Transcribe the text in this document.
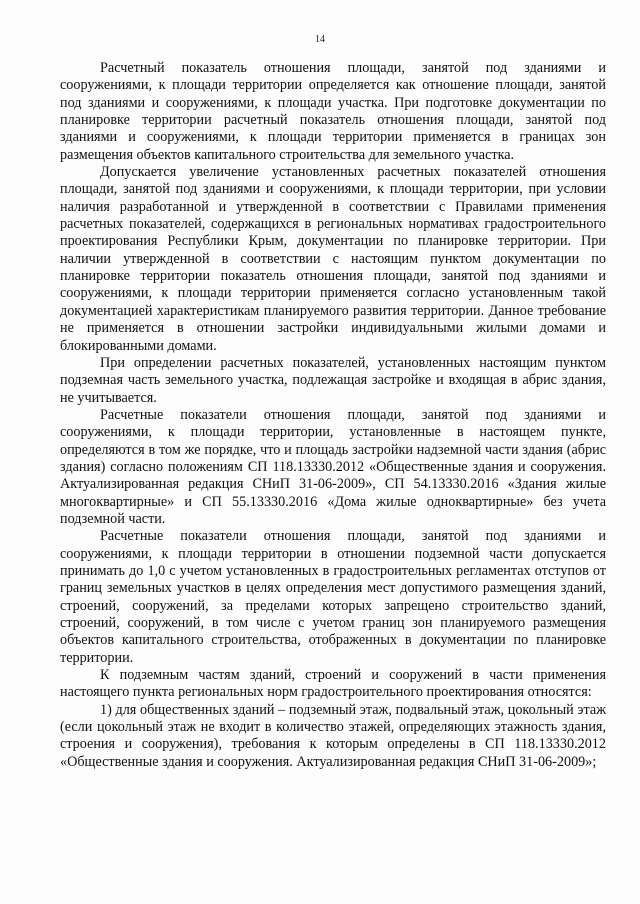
14

Расчетный показатель отношения площади, занятой под зданиями и сооружениями, к площади территории определяется как отношение площади, занятой под зданиями и сооружениями, к площади участка. При подготовке документации по планировке территории расчетный показатель отношения площади, занятой под зданиями и сооружениями, к площади территории применяется в границах зон размещения объектов капитального строительства для земельного участка.

Допускается увеличение установленных расчетных показателей отношения площади, занятой под зданиями и сооружениями, к площади территории, при условии наличия разработанной и утвержденной в соответствии с Правилами применения расчетных показателей, содержащихся в региональных нормативах градостроительного проектирования Республики Крым, документации по планировке территории. При наличии утвержденной в соответствии с настоящим пунктом документации по планировке территории показатель отношения площади, занятой под зданиями и сооружениями, к площади территории применяется согласно установленным такой документацией характеристикам планируемого развития территории. Данное требование не применяется в отношении застройки индивидуальными жилыми домами и блокированными домами.

При определении расчетных показателей, установленных настоящим пунктом подземная часть земельного участка, подлежащая застройке и входящая в абрис здания, не учитывается.

Расчетные показатели отношения площади, занятой под зданиями и сооружениями, к площади территории, установленные в настоящем пункте, определяются в том же порядке, что и площадь застройки надземной части здания (абрис здания) согласно положениям СП 118.13330.2012 «Общественные здания и сооружения. Актуализированная редакция СНиП 31-06-2009», СП 54.13330.2016 «Здания жилые многоквартирные» и СП 55.13330.2016 «Дома жилые одноквартирные» без учета подземной части.

Расчетные показатели отношения площади, занятой под зданиями и сооружениями, к площади территории в отношении подземной части допускается принимать до 1,0 с учетом установленных в градостроительных регламентах отступов от границ земельных участков в целях определения мест допустимого размещения зданий, строений, сооружений, за пределами которых запрещено строительство зданий, строений, сооружений, в том числе с учетом границ зон планируемого размещения объектов капитального строительства, отображенных в документации по планировке территории.

К подземным частям зданий, строений и сооружений в части применения настоящего пункта региональных норм градостроительного проектирования относятся:

1) для общественных зданий – подземный этаж, подвальный этаж, цокольный этаж (если цокольный этаж не входит в количество этажей, определяющих этажность здания, строения и сооружения), требования к которым определены в СП 118.13330.2012 «Общественные здания и сооружения. Актуализированная редакция СНиП 31-06-2009»;
